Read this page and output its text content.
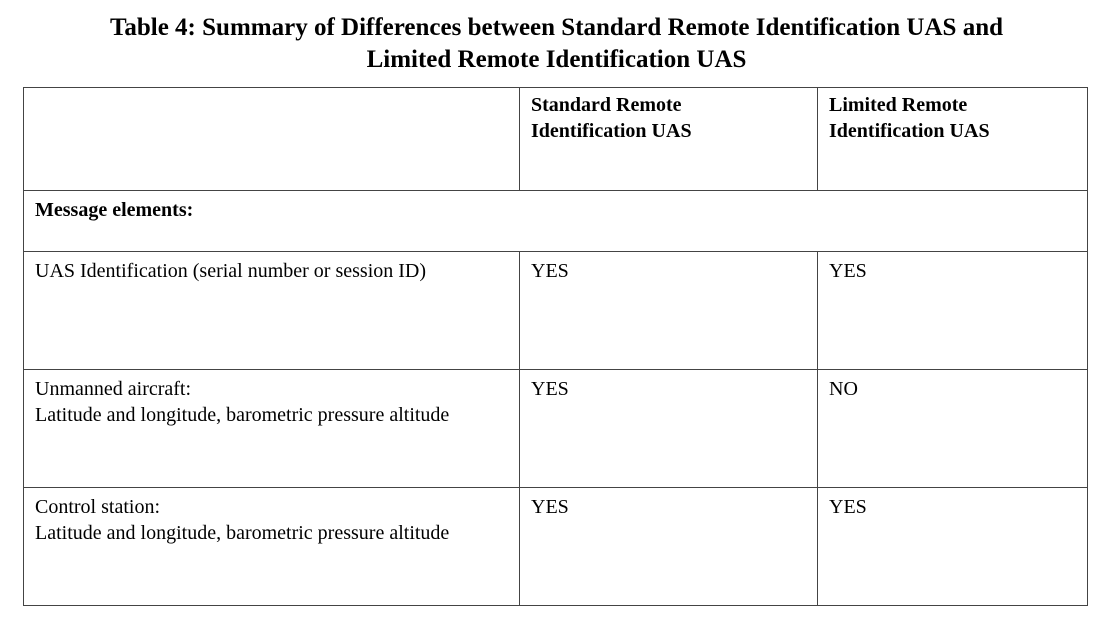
Table 4: Summary of Differences between Standard Remote Identification UAS and
Limited Remote Identification UAS

	Standard Remote
Identification UAS	Limited Remote
Identification UAS

Message elements:		

UAS Identification (serial number or session ID)	YES	YES

Unmanned aircraft:
Latitude and longitude, barometric pressure altitude	YES	NO

Control station:
Latitude and longitude, barometric pressure altitude	YES	YES
